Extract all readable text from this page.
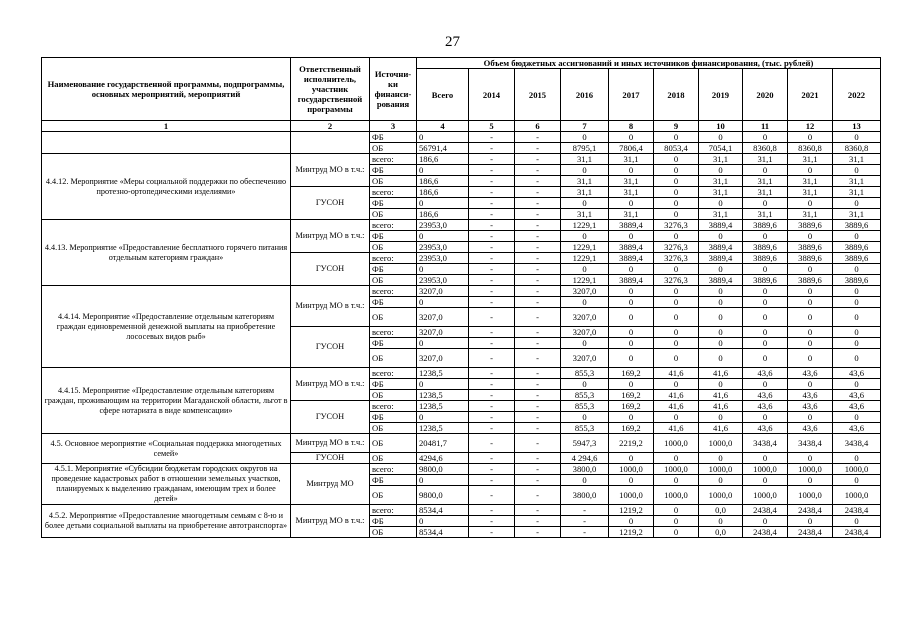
27
Наименование государственной программы, подпрограммы, основных мероприятий, мероприятий	Ответственный исполнитель, участник государственной программы	Источни-ки финанси-рования	Объем бюджетных ассигнований и иных источников финансирования, (тыс. рублей)									
			Всего	2014	2015	2016	2017	2018	2019	2020	2021	2022
1	2	3	4	5	6	7	8	9	10	11	12	13
		ФБ	0	-	-	0	0	0	0	0	0	0
		ОБ	56791,4	-	-	8795,1	7806,4	8053,4	7054,1	8360,8	8360,8	8360,8
4.4.12. Мероприятие «Меры социальной поддержки по обеспечению протезно-ортопедическими изделиями»	Минтруд МО в т.ч.:	всего:	186,6	-	-	31,1	31,1	0	31,1	31,1	31,1	31,1
		ФБ	0	-	-	0	0	0	0	0	0	0
		ОБ	186,6	-	-	31,1	31,1	0	31,1	31,1	31,1	31,1
	ГУСОН	всего:	186,6	-	-	31,1	31,1	0	31,1	31,1	31,1	31,1
		ФБ	0	-	-	0	0	0	0	0	0	0
		ОБ	186,6	-	-	31,1	31,1	0	31,1	31,1	31,1	31,1
4.4.13. Мероприятие «Предоставление бесплатного горячего питания отдельным категориям граждан»	Минтруд МО в т.ч.:	всего:	23953,0	-	-	1229,1	3889,4	3276,3	3889,4	3889,6	3889,6	3889,6
		ФБ	0	-	-	0	0	0	0	0	0	0
		ОБ	23953,0	-	-	1229,1	3889,4	3276,3	3889,4	3889,6	3889,6	3889,6
	ГУСОН	всего:	23953,0	-	-	1229,1	3889,4	3276,3	3889,4	3889,6	3889,6	3889,6
		ФБ	0	-	-	0	0	0	0	0	0	0
		ОБ	23953,0	-	-	1229,1	3889,4	3276,3	3889,4	3889,6	3889,6	3889,6
4.4.14. Мероприятие «Предоставление отдельным категориям граждан единовременной денежной выплаты на приобретение лососевых видов рыб»	Минтруд МО в т.ч.:	всего:	3207,0	-	-	3207,0	0	0	0	0	0	0
		ФБ	0	-	-	0	0	0	0	0	0	0
		ОБ	3207,0	-	-	3207,0	0	0	0	0	0	0
	ГУСОН	всего:	3207,0	-	-	3207,0	0	0	0	0	0	0
		ФБ	0	-	-	0	0	0	0	0	0	0
		ОБ	3207,0	-	-	3207,0	0	0	0	0	0	0
4.4.15. Мероприятие «Предоставление отдельным категориям граждан, проживающим на территории Магаданской области, льгот в сфере нотариата в виде компенсации»	Минтруд МО в т.ч.:	всего:	1238,5	-	-	855,3	169,2	41,6	41,6	43,6	43,6	43,6
		ФБ	0	-	-	0	0	0	0	0	0	0
		ОБ	1238,5	-	-	855,3	169,2	41,6	41,6	43,6	43,6	43,6
	ГУСОН	всего:	1238,5	-	-	855,3	169,2	41,6	41,6	43,6	43,6	43,6
		ФБ	0	-	-	0	0	0	0	0	0	0
		ОБ	1238,5	-	-	855,3	169,2	41,6	41,6	43,6	43,6	43,6
4.5. Основное мероприятие «Социальная поддержка многодетных семей»	Минтруд МО в т.ч.:	ОБ	20481,7	-	-	5947,3	2219,2	1000,0	1000,0	3438,4	3438,4	3438,4
	ГУСОН	ОБ	4294,6	-	-	4 294,6	0	0	0	0	0	0
4.5.1. Мероприятие «Субсидии бюджетам городских округов на проведение кадастровых работ в отношении земельных участков, планируемых к выделению гражданам, имеющим трех и более детей»	Минтруд МО	всего:	9800,0	-	-	3800,0	1000,0	1000,0	1000,0	1000,0	1000,0	1000,0
		ФБ	0	-	-	0	0	0	0	0	0	0
		ОБ	9800,0	-	-	3800,0	1000,0	1000,0	1000,0	1000,0	1000,0	1000,0
4.5.2. Мероприятие «Предоставление многодетным семьям с 8-ю и более детьми социальной выплаты на приобретение автотранспорта»	Минтруд МО в т.ч.:	всего:	8534,4	-	-	-	1219,2	0	0,0	2438,4	2438,4	2438,4
		ФБ	0	-	-	-	0	0	0	0	0	0
		ОБ	8534,4	-	-	-	1219,2	0	0,0	2438,4	2438,4	2438,4
